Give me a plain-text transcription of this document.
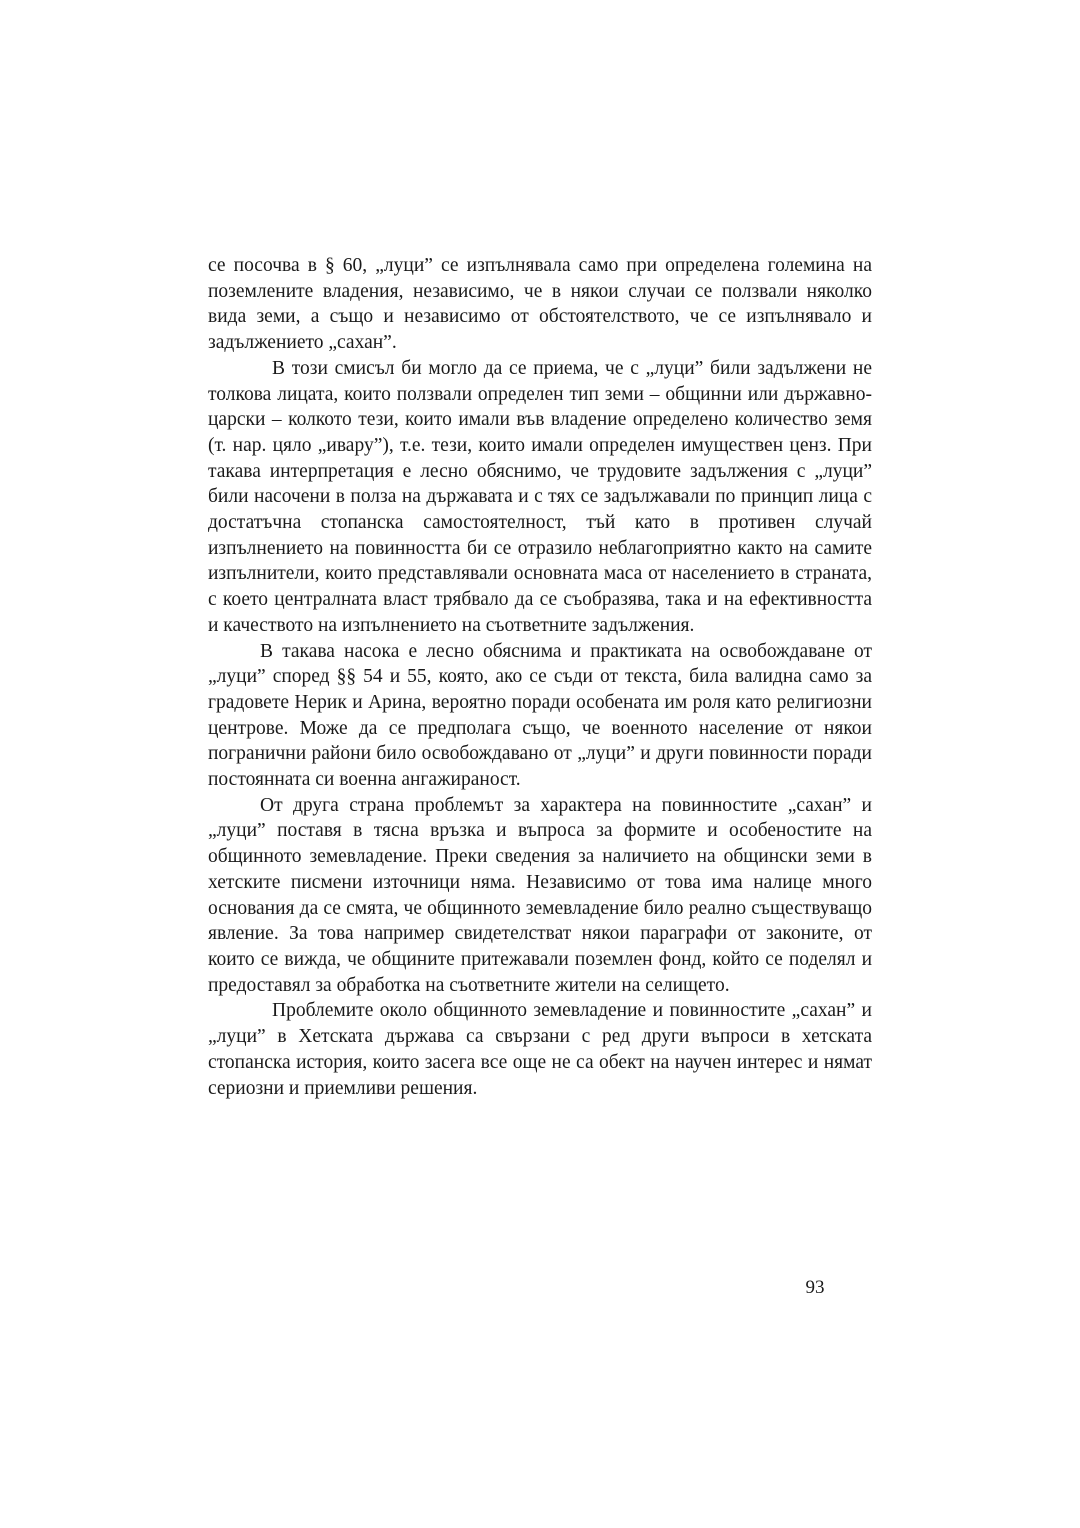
се посочва в § 60, „луци” се изпълнявала само при определена големина на поземлените владения, независимо, че в някои случаи се ползвали няколко вида земи, а също и независимо от обстоятелството, че се изпълнявало и задължението „сахан”.

В този смисъл би могло да се приема, че с „луци” били задължени не толкова лицата, които ползвали определен тип земи – общинни или държавно-царски – колкото тези, които имали във владение определено количество земя (т. нар. цяло „ивару”), т.е. тези, които имали определен имуществен ценз. При такава интерпретация е лесно обяснимо, че трудовите задължения с „луци” били насочени в полза на държавата и с тях се задължавали по принцип лица с достатъчна стопанска самостоятелност, тъй като в противен случай изпълнението на повинността би се отразило неблагоприятно както на самите изпълнители, които представлявали основната маса от населението в страната, с което централната власт трябвало да се съобразява, така и на ефективността и качеството на изпълнението на съответните задължения.

В такава насока е лесно обяснима и практиката на освобождаване от „луци” според §§ 54 и 55, която, ако се съди от текста, била валидна само за градовете Нерик и Арина, вероятно поради особената им роля като религиозни центрове. Може да се предполага също, че военното население от някои погранични райони било освобождавано от „луци” и други повинности поради постоянната си военна ангажираност.

От друга страна проблемът за характера на повинностите „сахан” и „луци” поставя в тясна връзка и въпроса за формите и особеностите на общинното земевладение. Преки сведения за наличието на общински земи в хетските писмени източници няма. Независимо от това има налице много основания да се смята, че общинното земевладение било реално съществуващо явление. За това например свидетелстват някои параграфи от законите, от които се вижда, че общините притежавали поземлен фонд, който се поделял и предоставял за обработка на съответните жители на селището.

Проблемите около общинното земевладение и повинностите „сахан” и „луци” в Хетската държава са свързани с ред други въпроси в хетската стопанска история, които засега все още не са обект на научен интерес и нямат сериозни и приемливи решения.

93
